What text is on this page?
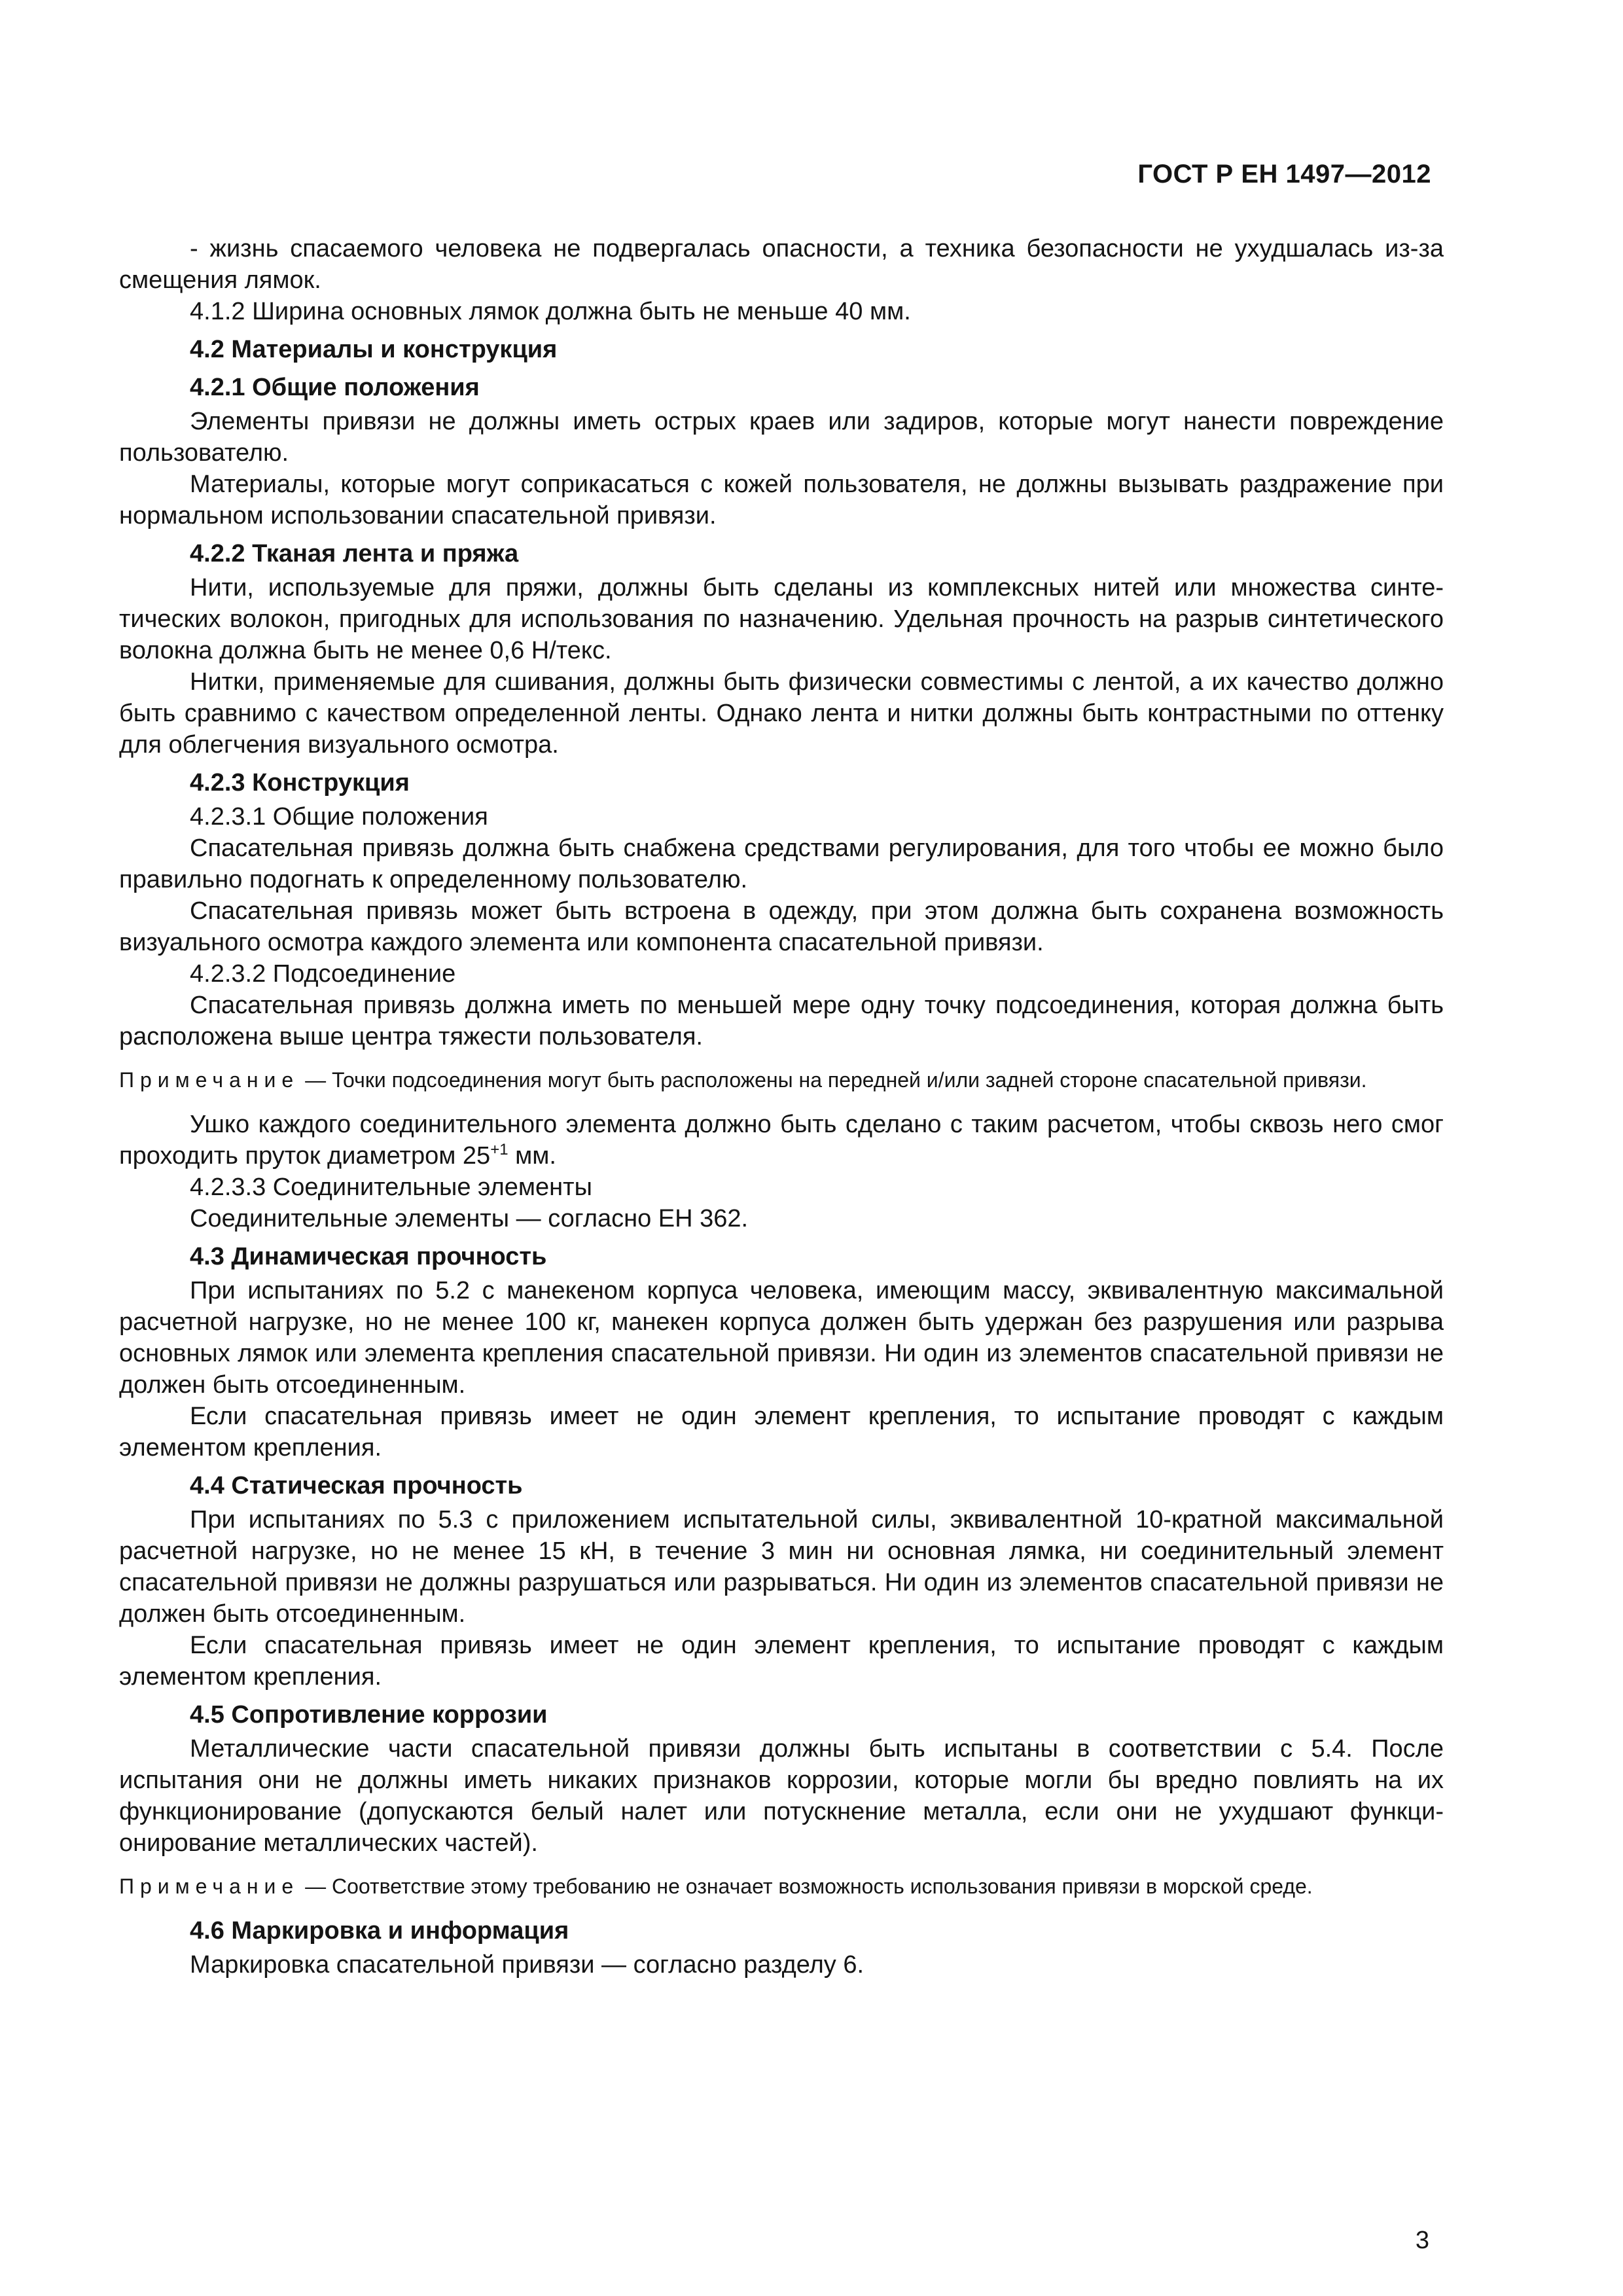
ГОСТ Р ЕН 1497—2012

- жизнь спасаемого человека не подвергалась опасности, а техника безопасности не ухудшалась из-за смещения лямок.

4.1.2 Ширина основных лямок должна быть не меньше 40 мм.

4.2 Материалы и конструкция

4.2.1 Общие положения

Элементы привязи не должны иметь острых краев или задиров, которые могут нанести повреждение пользователю.

Материалы, которые могут соприкасаться с кожей пользователя, не должны вызывать раздражение при нормальном использовании спасательной привязи.

4.2.2 Тканая лента и пряжа

Нити, используемые для пряжи, должны быть сделаны из комплексных нитей или множества синтетических волокон, пригодных для использования по назначению. Удельная прочность на разрыв синтетического волокна должна быть не менее 0,6 Н/текс.

Нитки, применяемые для сшивания, должны быть физически совместимы с лентой, а их качество должно быть сравнимо с качеством определенной ленты. Однако лента и нитки должны быть контрастными по оттенку для облегчения визуального осмотра.

4.2.3 Конструкция

4.2.3.1 Общие положения

Спасательная привязь должна быть снабжена средствами регулирования, для того чтобы ее можно было правильно подогнать к определенному пользователю.

Спасательная привязь может быть встроена в одежду, при этом должна быть сохранена возможность визуального осмотра каждого элемента или компонента спасательной привязи.

4.2.3.2 Подсоединение

Спасательная привязь должна иметь по меньшей мере одну точку подсоединения, которая должна быть расположена выше центра тяжести пользователя.

Примечание — Точки подсоединения могут быть расположены на передней и/или задней стороне спасательной привязи.

Ушко каждого соединительного элемента должно быть сделано с таким расчетом, чтобы сквозь него смог проходить пруток диаметром $25^{+1}$ мм.

4.2.3.3 Соединительные элементы

Соединительные элементы — согласно ЕН 362.

4.3 Динамическая прочность

При испытаниях по 5.2 с манекеном корпуса человека, имеющим массу, эквивалентную максимальной расчетной нагрузке, но не менее 100 кг, манекен корпуса должен быть удержан без разрушения или разрыва основных лямок или элемента крепления спасательной привязи. Ни один из элементов спасательной привязи не должен быть отсоединенным.

Если спасательная привязь имеет не один элемент крепления, то испытание проводят с каждым элементом крепления.

4.4 Статическая прочность

При испытаниях по 5.3 с приложением испытательной силы, эквивалентной 10-кратной максимальной расчетной нагрузке, но не менее 15 кН, в течение 3 мин ни основная лямка, ни соединительный элемент спасательной привязи не должны разрушаться или разрываться. Ни один из элементов спасательной привязи не должен быть отсоединенным.

Если спасательная привязь имеет не один элемент крепления, то испытание проводят с каждым элементом крепления.

4.5 Сопротивление коррозии

Металлические части спасательной привязи должны быть испытаны в соответствии с 5.4. После испытания они не должны иметь никаких признаков коррозии, которые могли бы вредно повлиять на их функционирование (допускаются белый налет или потускнение металла, если они не ухудшают функционирование металлических частей).

Примечание — Соответствие этому требованию не означает возможность использования привязи в морской среде.

4.6 Маркировка и информация

Маркировка спасательной привязи — согласно разделу 6.

3
